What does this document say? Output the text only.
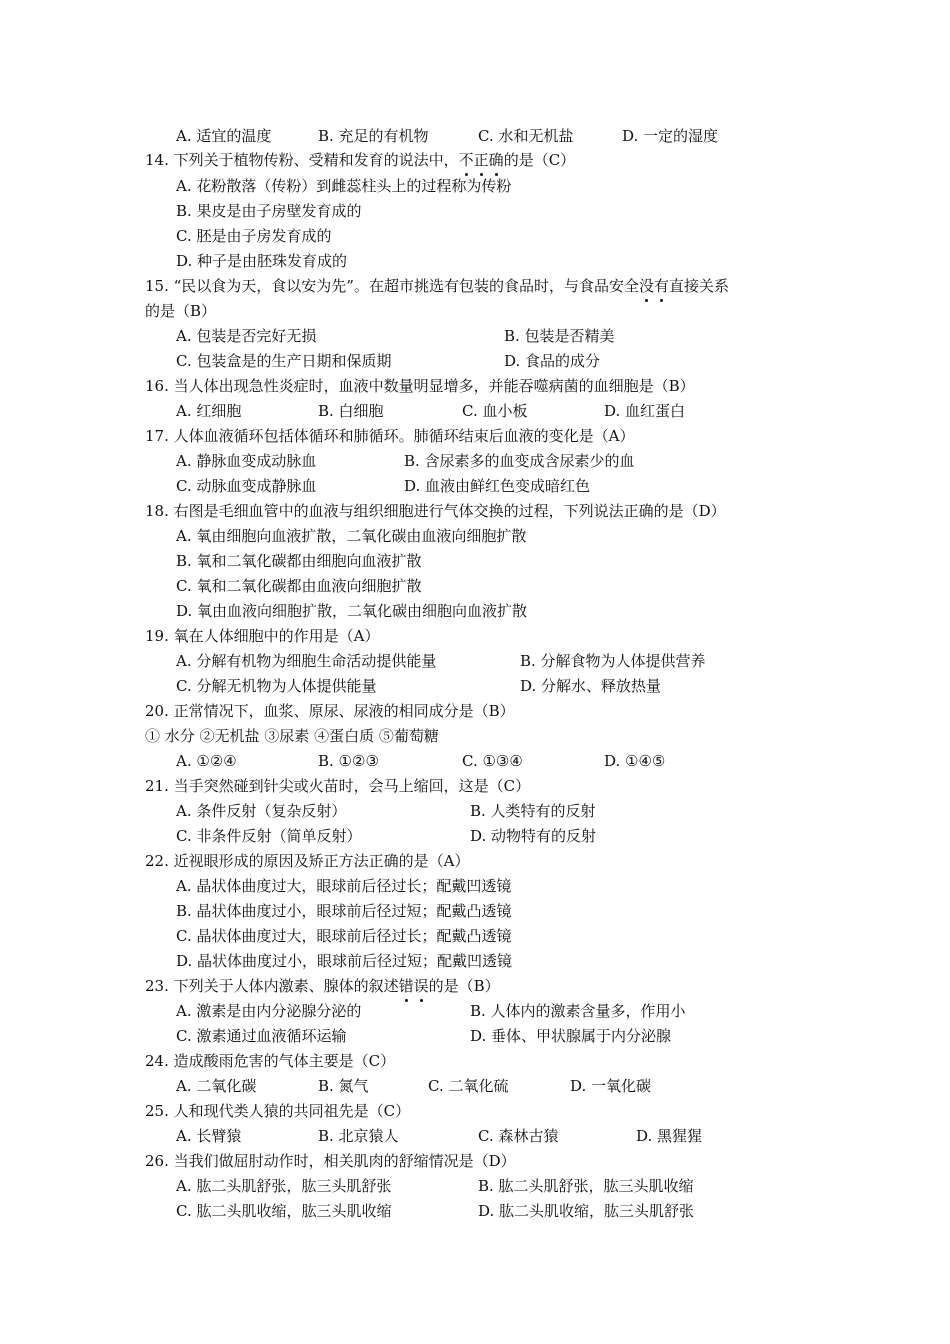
A. 适宜的温度	B. 充足的有机物	C. 水和无机盐	D. 一定的湿度
14. 下列关于植物传粉、受精和发育的说法中，不正确的是（C）
A. 花粉散落（传粉）到雌蕊柱头上的过程称为传粉
B. 果皮是由子房壁发育成的
C. 胚是由子房发育成的
D. 种子是由胚珠发育成的
15. “民以食为天，食以安为先”。在超市挑选有包装的食品时，与食品安全没有直接关系
的是（B）
A. 包装是否完好无损	B. 包装是否精美
C. 包装盒是的生产日期和保质期	D. 食品的成分
16. 当人体出现急性炎症时，血液中数量明显增多，并能吞噬病菌的血细胞是（B）
A. 红细胞	B. 白细胞	C. 血小板	D. 血红蛋白
17. 人体血液循环包括体循环和肺循环。肺循环结束后血液的变化是（A）
A. 静脉血变成动脉血	B. 含尿素多的血变成含尿素少的血
C. 动脉血变成静脉血	D. 血液由鲜红色变成暗红色
18. 右图是毛细血管中的血液与组织细胞进行气体交换的过程，下列说法正确的是（D）
A. 氧由细胞向血液扩散，二氧化碳由血液向细胞扩散
B. 氧和二氧化碳都由细胞向血液扩散
C. 氧和二氧化碳都由血液向细胞扩散
D. 氧由血液向细胞扩散，二氧化碳由细胞向血液扩散
19. 氧在人体细胞中的作用是（A）
A. 分解有机物为细胞生命活动提供能量	B. 分解食物为人体提供营养
C. 分解无机物为人体提供能量	D. 分解水、释放热量
20. 正常情况下，血浆、原尿、尿液的相同成分是（B）
① 水分 ②无机盐 ③尿素 ④蛋白质 ⑤葡萄糖
A. ①②④	B. ①②③	C. ①③④	D. ①④⑤
21. 当手突然碰到针尖或火苗时，会马上缩回，这是（C）
A. 条件反射（复杂反射）	B. 人类特有的反射
C. 非条件反射（简单反射）	D. 动物特有的反射
22. 近视眼形成的原因及矫正方法正确的是（A）
A. 晶状体曲度过大，眼球前后径过长；配戴凹透镜
B. 晶状体曲度过小，眼球前后径过短；配戴凸透镜
C. 晶状体曲度过大，眼球前后径过长；配戴凸透镜
D. 晶状体曲度过小，眼球前后径过短；配戴凹透镜
23. 下列关于人体内激素、腺体的叙述错误的是（B）
A. 激素是由内分泌腺分泌的	B. 人体内的激素含量多，作用小
C. 激素通过血液循环运输	D. 垂体、甲状腺属于内分泌腺
24. 造成酸雨危害的气体主要是（C）
A. 二氧化碳	B. 氮气	C. 二氧化硫	D. 一氧化碳
25. 人和现代类人猿的共同祖先是（C）
A. 长臂猿	B. 北京猿人	C. 森林古猿	D. 黑猩猩
26. 当我们做屈肘动作时，相关肌肉的舒缩情况是（D）
A. 肱二头肌舒张，肱三头肌舒张	B. 肱二头肌舒张，肱三头肌收缩
C. 肱二头肌收缩，肱三头肌收缩	D. 肱二头肌收缩，肱三头肌舒张
